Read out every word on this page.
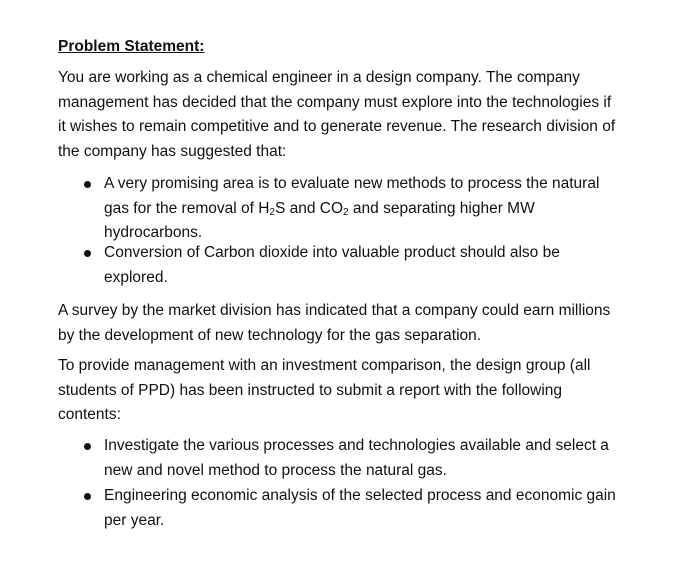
Problem Statement:
You are working as a chemical engineer in a design company. The company
management has decided that the company must explore into the technologies if
it wishes to remain competitive and to generate revenue. The research division of
the company has suggested that:
A very promising area is to evaluate new methods to process the natural
gas for the removal of $H_2S$ and $CO_2$ and separating higher MW
hydrocarbons.
Conversion of Carbon dioxide into valuable product should also be
explored.
A survey by the market division has indicated that a company could earn millions
by the development of new technology for the gas separation.
To provide management with an investment comparison, the design group (all
students of PPD) has been instructed to submit a report with the following
contents:
Investigate the various processes and technologies available and select a
new and novel method to process the natural gas.
Engineering economic analysis of the selected process and economic gain
per year.
